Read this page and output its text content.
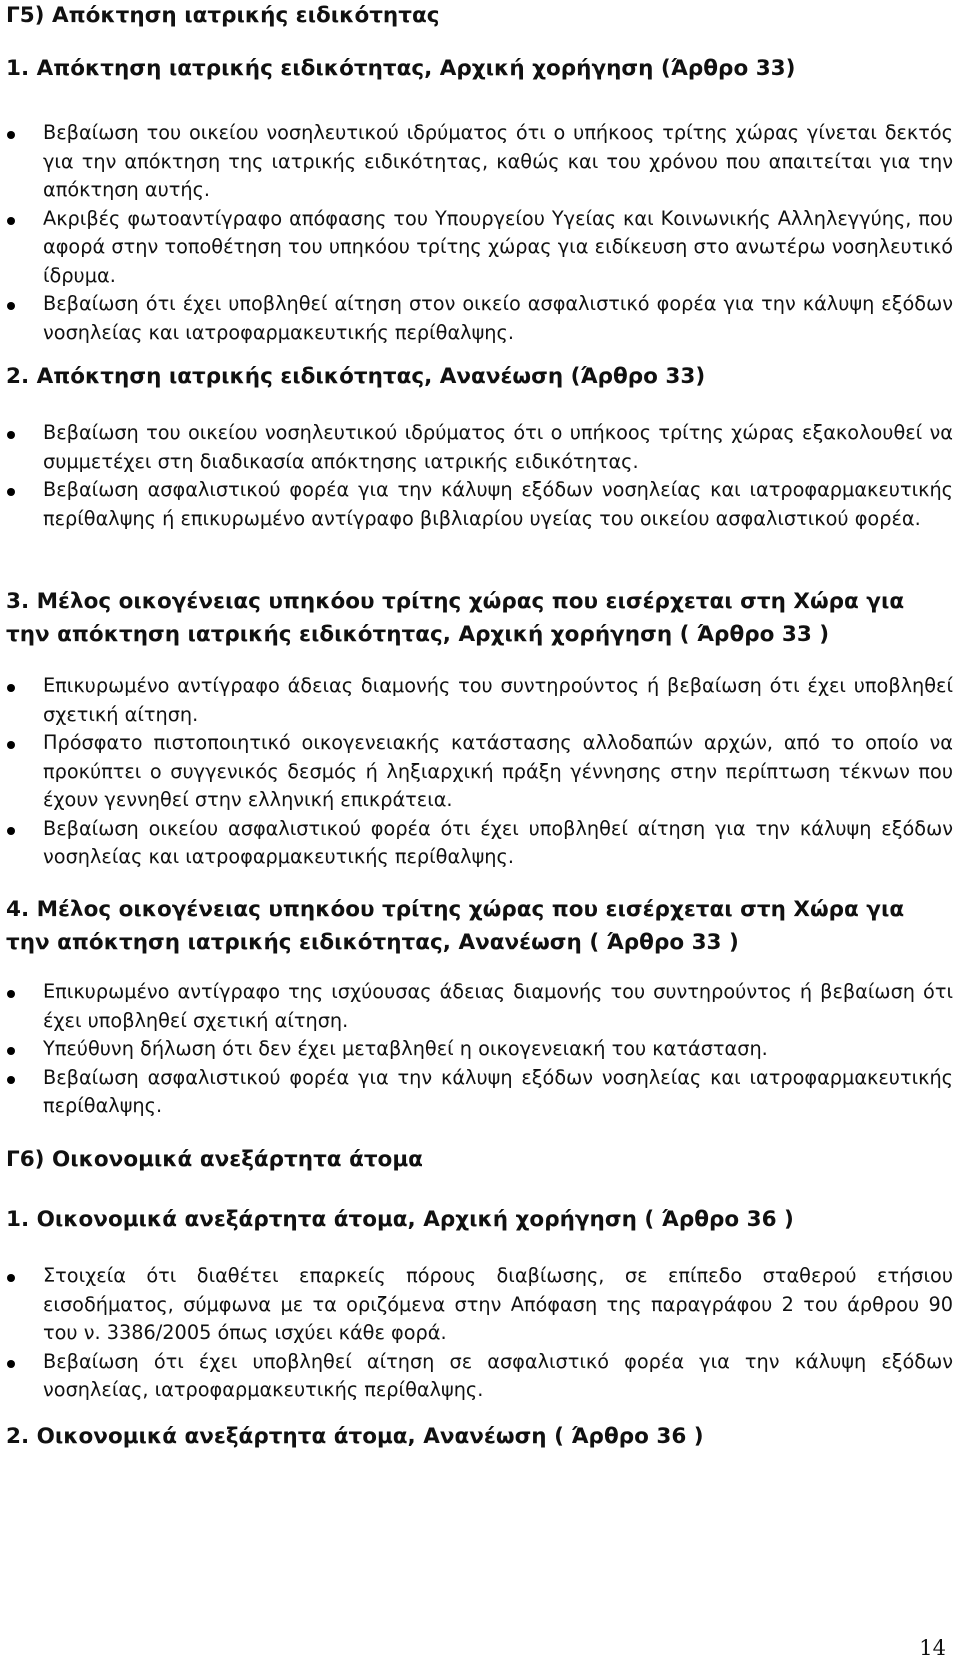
Γ5) Απόκτηση ιατρικής ειδικότητας
1. Απόκτηση ιατρικής ειδικότητας, Αρχική χορήγηση (Άρθρο 33)
Βεβαίωση του οικείου νοσηλευτικού ιδρύματος ότι ο υπήκοος τρίτης χώρας γίνεται δεκτός για την απόκτηση της ιατρικής ειδικότητας, καθώς και του χρόνου που απαιτείται για την απόκτηση αυτής.
Ακριβές φωτοαντίγραφο απόφασης του Υπουργείου Υγείας και Κοινωνικής Αλληλεγγύης, που αφορά στην τοποθέτηση του υπηκόου τρίτης χώρας για ειδίκευση στο ανωτέρω νοσηλευτικό ίδρυμα.
Βεβαίωση ότι έχει υποβληθεί αίτηση στον οικείο ασφαλιστικό φορέα για την κάλυψη εξόδων νοσηλείας και ιατροφαρμακευτικής περίθαλψης.
2. Απόκτηση ιατρικής ειδικότητας, Ανανέωση (Άρθρο 33)
Βεβαίωση του οικείου νοσηλευτικού ιδρύματος ότι ο υπήκοος τρίτης χώρας εξακολουθεί να συμμετέχει στη διαδικασία απόκτησης ιατρικής ειδικότητας.
Βεβαίωση ασφαλιστικού φορέα για την κάλυψη εξόδων νοσηλείας και ιατροφαρμακευτικής περίθαλψης ή επικυρωμένο αντίγραφο βιβλιαρίου υγείας του οικείου ασφαλιστικού φορέα.
3. Μέλος οικογένειας υπηκόου τρίτης χώρας που εισέρχεται στη Χώρα για την απόκτηση ιατρικής ειδικότητας, Αρχική χορήγηση ( Άρθρο 33 )
Επικυρωμένο αντίγραφο άδειας διαμονής του συντηρούντος ή βεβαίωση ότι έχει υποβληθεί σχετική αίτηση.
Πρόσφατο πιστοποιητικό οικογενειακής κατάστασης αλλοδαπών αρχών, από το οποίο να προκύπτει ο συγγενικός δεσμός ή ληξιαρχική πράξη γέννησης στην περίπτωση τέκνων που έχουν γεννηθεί στην ελληνική επικράτεια.
Βεβαίωση οικείου ασφαλιστικού φορέα ότι έχει υποβληθεί αίτηση για την κάλυψη εξόδων νοσηλείας και ιατροφαρμακευτικής περίθαλψης.
4. Μέλος οικογένειας υπηκόου τρίτης χώρας που εισέρχεται στη Χώρα για την απόκτηση ιατρικής ειδικότητας, Ανανέωση ( Άρθρο 33 )
Επικυρωμένο αντίγραφο της ισχύουσας άδειας διαμονής του συντηρούντος ή βεβαίωση ότι έχει υποβληθεί σχετική αίτηση.
Υπεύθυνη δήλωση ότι δεν έχει μεταβληθεί η οικογενειακή του κατάσταση.
Βεβαίωση ασφαλιστικού φορέα για την κάλυψη εξόδων νοσηλείας και ιατροφαρμακευτικής περίθαλψης.
Γ6) Οικονομικά ανεξάρτητα άτομα
1. Οικονομικά ανεξάρτητα άτομα, Αρχική χορήγηση ( Άρθρο 36 )
Στοιχεία ότι διαθέτει επαρκείς πόρους διαβίωσης, σε επίπεδο σταθερού ετήσιου εισοδήματος, σύμφωνα με τα οριζόμενα στην Απόφαση της παραγράφου 2 του άρθρου 90 του ν. 3386/2005 όπως ισχύει κάθε φορά.
Βεβαίωση ότι έχει υποβληθεί αίτηση σε ασφαλιστικό φορέα για την κάλυψη εξόδων νοσηλείας, ιατροφαρμακευτικής περίθαλψης.
2. Οικονομικά ανεξάρτητα άτομα, Ανανέωση ( Άρθρο 36 )
14
